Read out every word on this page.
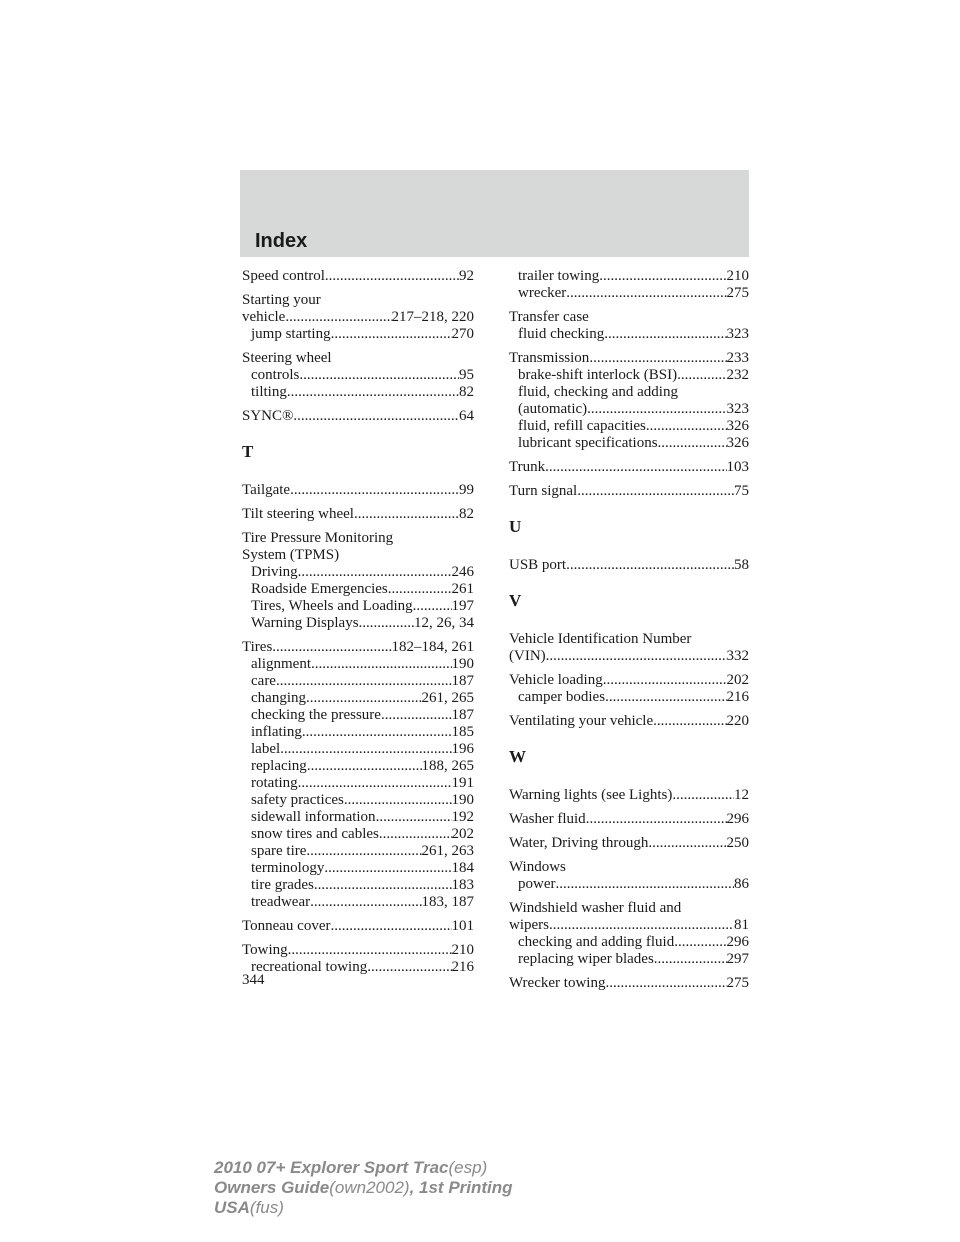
Index
Speed control .....	92
Starting your
vehicle .....	217–218, 220
jump starting .....	270
Steering wheel
controls .....	95
tilting .....	82
SYNC® .....	64
T
Tailgate .....	99
Tilt steering wheel .....	82
Tire Pressure Monitoring
System (TPMS)
Driving .....	246
Roadside Emergencies .....	261
Tires, Wheels and Loading .....	197
Warning Displays .....	12, 26, 34
Tires .....	182–184, 261
alignment .....	190
care .....	187
changing .....	261, 265
checking the pressure .....	187
inflating .....	185
label .....	196
replacing .....	188, 265
rotating .....	191
safety practices .....	190
sidewall information .....	192
snow tires and cables .....	202
spare tire .....	261, 263
terminology .....	184
tire grades .....	183
treadwear .....	183, 187
Tonneau cover .....	101
Towing .....	210
recreational towing .....	216
trailer towing .....	210
wrecker .....	275
Transfer case
fluid checking .....	323
Transmission .....	233
brake-shift interlock (BSI) .....	232
fluid, checking and adding
(automatic) .....	323
fluid, refill capacities .....	326
lubricant specifications .....	326
Trunk .....	103
Turn signal .....	75
U
USB port .....	58
V
Vehicle Identification Number
(VIN) .....	332
Vehicle loading .....	202
camper bodies .....	216
Ventilating your vehicle .....	220
W
Warning lights (see Lights) .....	12
Washer fluid .....	296
Water, Driving through .....	250
Windows
power .....	86
Windshield washer fluid and
wipers .....	81
checking and adding fluid .....	296
replacing wiper blades .....	297
Wrecker towing .....	275
344
2010 07+ Explorer Sport Trac(esp)
Owners Guide(own2002), 1st Printing
USA(fus)
